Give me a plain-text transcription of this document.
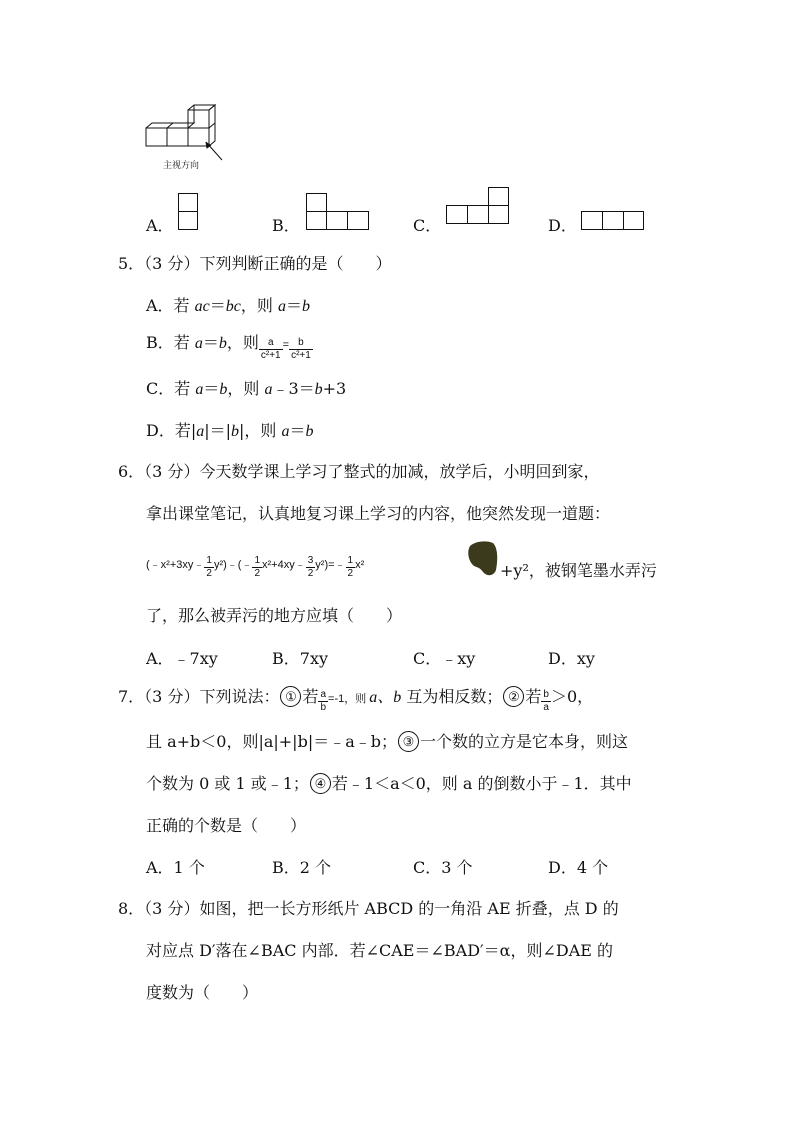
主视方向
A．	B．	C．	D．
5．（3 分）下列判断正确的是（　　）
A．若 ac＝bc，则 a＝b
B．若 a＝b，则 $\frac{a}{\text{c²+1}} = \frac{b}{\text{c²+1}}$
C．若 a＝b，则 a﹣3＝b+3
D．若|a|＝|b|，则 a＝b
6．（3 分）今天数学课上学习了整式的加减，放学后，小明回到家，
拿出课堂笔记，认真地复习课上学习的内容，他突然发现一道题：
(﹣x²+3xy﹣ $\frac{1}{2}$ y²)﹣(﹣ $\frac{1}{2}$ x²+4xy﹣ $\frac{3}{2}$ y²)=﹣ $\frac{1}{2} x^2$	+y²，被钢笔墨水弄污
了，那么被弄污的地方应填（　　）
A．﹣7xy	B．7xy	C．﹣xy	D．xy
7．（3 分）下列说法： ① 若 $\frac{a}{b} =-1$，则 a、b 互为相反数； ② 若 $\frac{b}{a} >0$，
且 a+b＜0，则|a|+|b|＝﹣a﹣b； ③ 一个数的立方是它本身，则这
个数为 0 或 1 或﹣1； ④ 若﹣1＜a＜0，则 a 的倒数小于﹣1．其中
正确的个数是（　　）
A．1 个	B．2 个	C．3 个	D．4 个
8．（3 分）如图，把一长方形纸片 ABCD 的一角沿 AE 折叠，点 D 的
对应点 D′落在∠BAC 内部．若∠CAE＝∠BAD′＝α，则∠DAE 的
度数为（　　）
